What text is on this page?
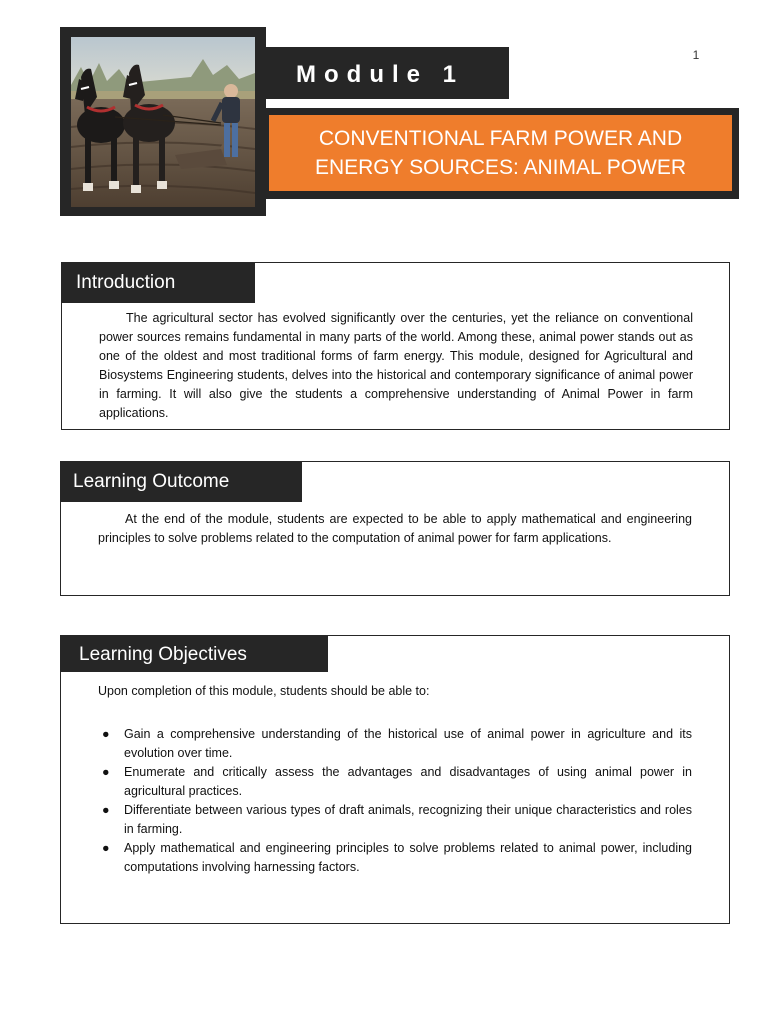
1
Module 1
CONVENTIONAL FARM POWER AND
ENERGY SOURCES: ANIMAL POWER
Introduction
The agricultural sector has evolved significantly over the centuries, yet the reliance on conventional power sources remains fundamental in many parts of the world. Among these, animal power stands out as one of the oldest and most traditional forms of farm energy. This module, designed for Agricultural and Biosystems Engineering students, delves into the historical and contemporary significance of animal power in farming. It will also give the students a comprehensive understanding of Animal Power in farm applications.
Learning Outcome
At the end of the module, students are expected to be able to apply mathematical and engineering principles to solve problems related to the computation of animal power for farm applications.
Learning Objectives
Upon completion of this module, students should be able to:
● Gain a comprehensive understanding of the historical use of animal power in agriculture and its evolution over time.
● Enumerate and critically assess the advantages and disadvantages of using animal power in agricultural practices.
● Differentiate between various types of draft animals, recognizing their unique characteristics and roles in farming.
● Apply mathematical and engineering principles to solve problems related to animal power, including computations involving harnessing factors.
